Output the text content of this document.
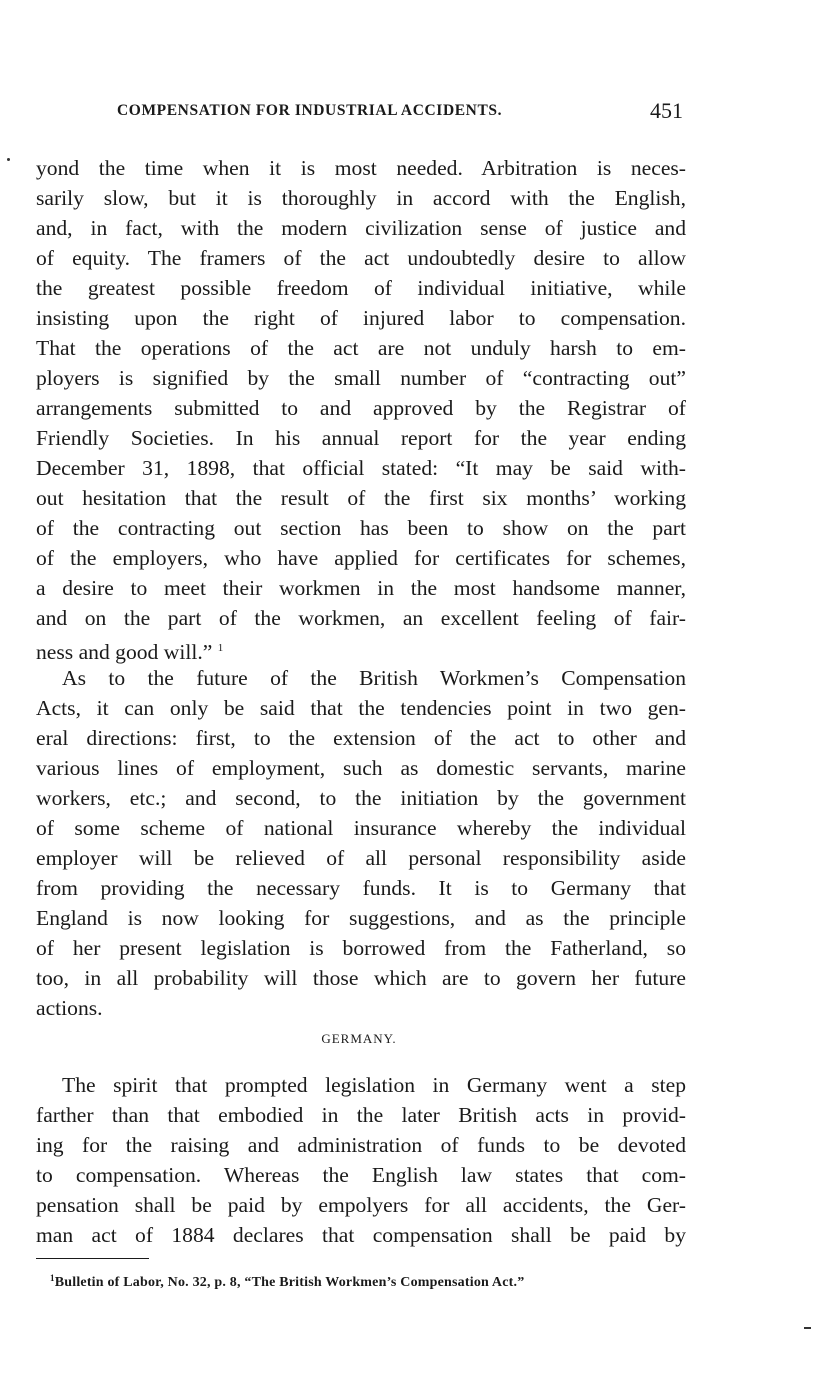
COMPENSATION FOR INDUSTRIAL ACCIDENTS.	451
yond the time when it is most needed. Arbitration is neces-
sarily slow, but it is thoroughly in accord with the English,
and, in fact, with the modern civilization sense of justice and
of equity. The framers of the act undoubtedly desire to allow
the greatest possible freedom of individual initiative, while
insisting upon the right of injured labor to compensation.
That the operations of the act are not unduly harsh to em-
ployers is signified by the small number of “contracting out”
arrangements submitted to and approved by the Registrar of
Friendly Societies. In his annual report for the year ending
December 31, 1898, that official stated: “It may be said with-
out hesitation that the result of the first six months’ working
of the contracting out section has been to show on the part
of the employers, who have applied for certificates for schemes,
a desire to meet their workmen in the most handsome manner,
and on the part of the workmen, an excellent feeling of fair-
ness and good will.” $^1$
As to the future of the British Workmen’s Compensation
Acts, it can only be said that the tendencies point in two gen-
eral directions: first, to the extension of the act to other and
various lines of employment, such as domestic servants, marine
workers, etc.; and second, to the initiation by the government
of some scheme of national insurance whereby the individual
employer will be relieved of all personal responsibility aside
from providing the necessary funds. It is to Germany that
England is now looking for suggestions, and as the principle
of her present legislation is borrowed from the Fatherland, so
too, in all probability will those which are to govern her future
actions.
GERMANY.
The spirit that prompted legislation in Germany went a step
farther than that embodied in the later British acts in provid-
ing for the raising and administration of funds to be devoted
to compensation. Whereas the English law states that com-
pensation shall be paid by empolyers for all accidents, the Ger-
man act of 1884 declares that compensation shall be paid by
$^1$Bulletin of Labor, No. 32, p. 8, “The British Workmen’s Compensation Act.”
